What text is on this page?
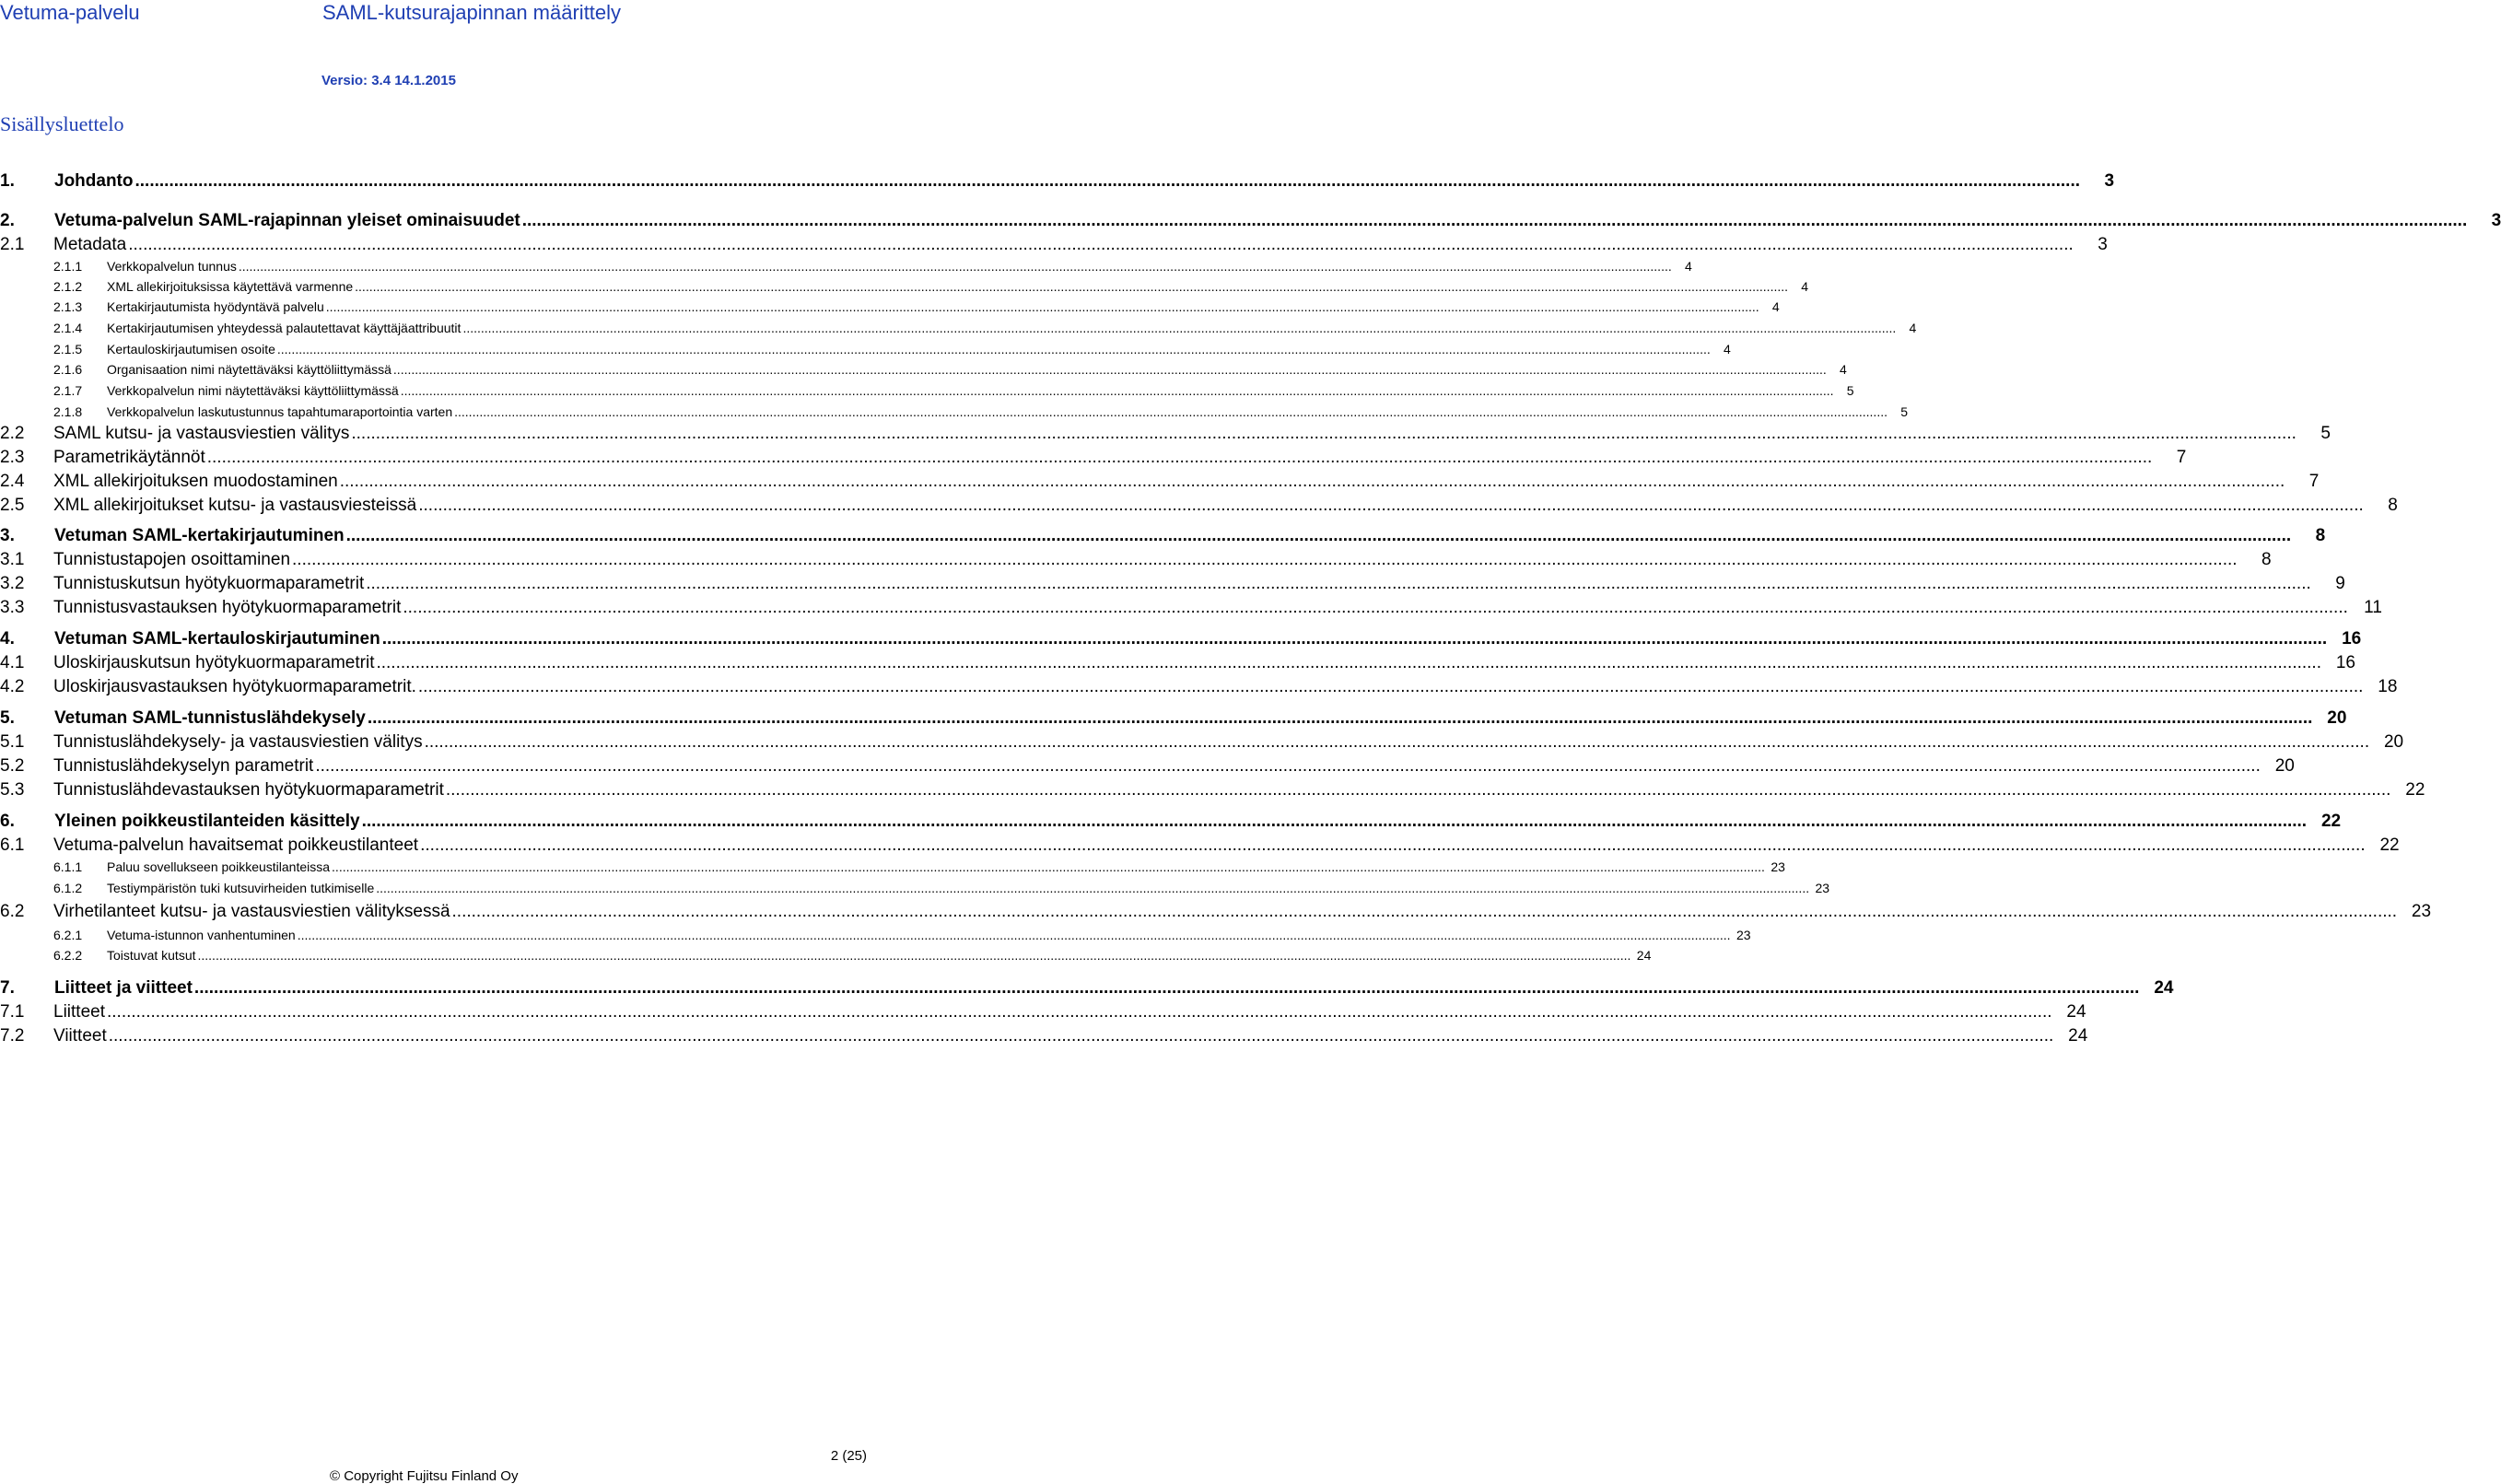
Vetuma-palvelu	SAML-kutsurajapinnan määrittely
Versio: 3.4 14.1.2015
Sisällysluettelo
1.	Johdanto ................................................................................................................................................................................................................................................................................................................................................................................................................	3
2.	Vetuma-palvelun SAML-rajapinnan yleiset ominaisuudet ................................................................................................................................................................................................................................................................................................................................................................................................................	3
2.1	Metadata ................................................................................................................................................................................................................................................................................................................................................................................................................	3
2.1.1	Verkkopalvelun tunnus ................................................................................................................................................................................................................................................................................................................................................................................................................	4
2.1.2	XML allekirjoituksissa käytettävä varmenne ................................................................................................................................................................................................................................................................................................................................................................................................................	4
2.1.3	Kertakirjautumista hyödyntävä palvelu ................................................................................................................................................................................................................................................................................................................................................................................................................	4
2.1.4	Kertakirjautumisen yhteydessä palautettavat käyttäjäattribuutit ................................................................................................................................................................................................................................................................................................................................................................................................................	4
2.1.5	Kertauloskirjautumisen osoite ................................................................................................................................................................................................................................................................................................................................................................................................................	4
2.1.6	Organisaation nimi näytettäväksi käyttöliittymässä ................................................................................................................................................................................................................................................................................................................................................................................................................	4
2.1.7	Verkkopalvelun nimi näytettäväksi käyttöliittymässä ................................................................................................................................................................................................................................................................................................................................................................................................................	5
2.1.8	Verkkopalvelun laskutustunnus tapahtumaraportointia varten ................................................................................................................................................................................................................................................................................................................................................................................................................	5
2.2	SAML kutsu- ja vastausviestien välitys ................................................................................................................................................................................................................................................................................................................................................................................................................	5
2.3	Parametrikäytännöt ................................................................................................................................................................................................................................................................................................................................................................................................................	7
2.4	XML allekirjoituksen muodostaminen ................................................................................................................................................................................................................................................................................................................................................................................................................	7
2.5	XML allekirjoitukset kutsu- ja vastausviesteissä ................................................................................................................................................................................................................................................................................................................................................................................................................	8
3.	Vetuman SAML-kertakirjautuminen ................................................................................................................................................................................................................................................................................................................................................................................................................	8
3.1	Tunnistustapojen osoittaminen ................................................................................................................................................................................................................................................................................................................................................................................................................	8
3.2	Tunnistuskutsun hyötykuormaparametrit ................................................................................................................................................................................................................................................................................................................................................................................................................	9
3.3	Tunnistusvastauksen hyötykuormaparametrit ................................................................................................................................................................................................................................................................................................................................................................................................................ 11
4.	Vetuman SAML-kertauloskirjautuminen ................................................................................................................................................................................................................................................................................................................................................................................................................ 16
4.1	Uloskirjauskutsun hyötykuormaparametrit ................................................................................................................................................................................................................................................................................................................................................................................................................ 16
4.2	Uloskirjausvastauksen hyötykuormaparametrit. ................................................................................................................................................................................................................................................................................................................................................................................................................ 18
5.	Vetuman SAML-tunnistuslähdekysely ................................................................................................................................................................................................................................................................................................................................................................................................................ 20
5.1	Tunnistuslähdekysely- ja vastausviestien välitys ................................................................................................................................................................................................................................................................................................................................................................................................................ 20
5.2	Tunnistuslähdekyselyn parametrit ................................................................................................................................................................................................................................................................................................................................................................................................................ 20
5.3	Tunnistuslähdevastauksen hyötykuormaparametrit ................................................................................................................................................................................................................................................................................................................................................................................................................ 22
6.	Yleinen poikkeustilanteiden käsittely ................................................................................................................................................................................................................................................................................................................................................................................................................ 22
6.1	Vetuma-palvelun havaitsemat poikkeustilanteet ................................................................................................................................................................................................................................................................................................................................................................................................................ 22
6.1.1	Paluu sovellukseen poikkeustilanteissa ................................................................................................................................................................................................................................................................................................................................................................................................................ 23
6.1.2	Testiympäristön tuki kutsuvirheiden tutkimiselle ................................................................................................................................................................................................................................................................................................................................................................................................................ 23
6.2	Virhetilanteet kutsu- ja vastausviestien välityksessä ................................................................................................................................................................................................................................................................................................................................................................................................................ 23
6.2.1	Vetuma-istunnon vanhentuminen ................................................................................................................................................................................................................................................................................................................................................................................................................ 23
6.2.2	Toistuvat kutsut ................................................................................................................................................................................................................................................................................................................................................................................................................ 24
7.	Liitteet ja viitteet ................................................................................................................................................................................................................................................................................................................................................................................................................ 24
7.1	Liitteet ................................................................................................................................................................................................................................................................................................................................................................................................................ 24
7.2	Viitteet ................................................................................................................................................................................................................................................................................................................................................................................................................ 24
2 (25)
© Copyright Fujitsu Finland Oy
